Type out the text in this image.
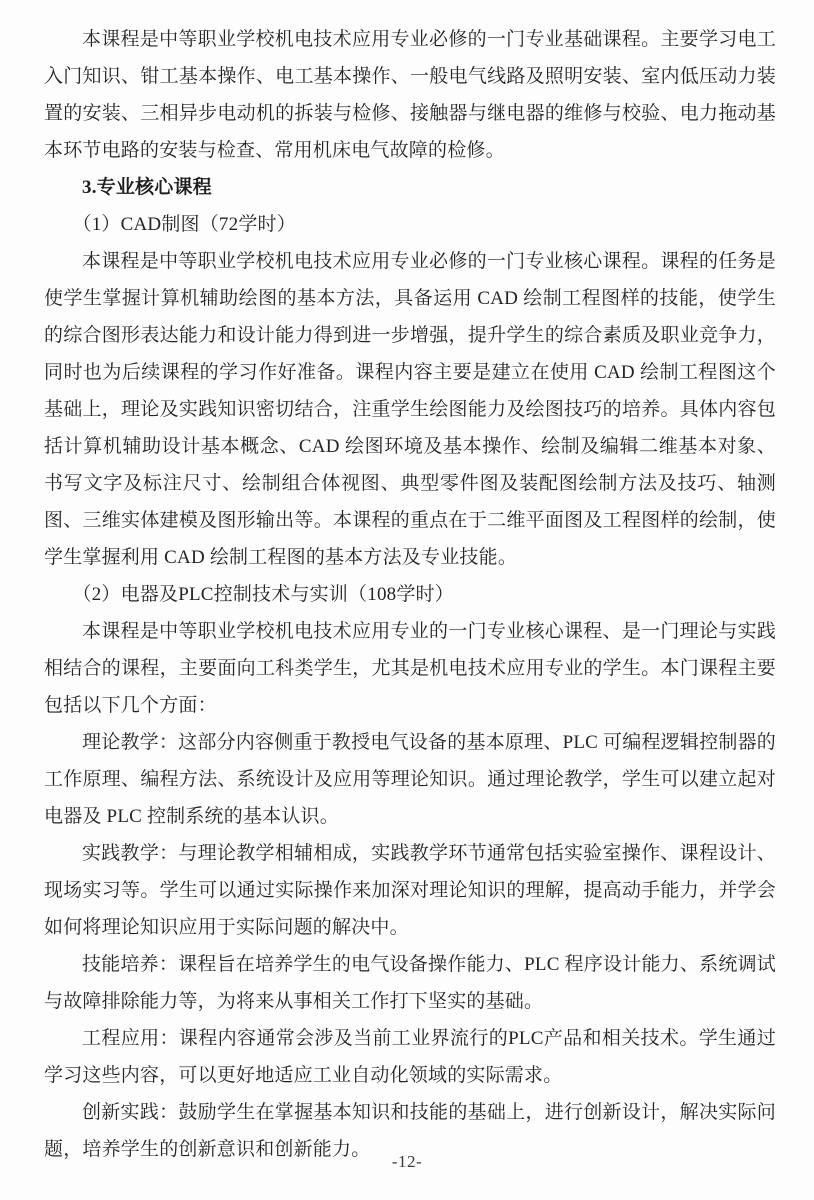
本课程是中等职业学校机电技术应用专业必修的一门专业基础课程。主要学习电工入门知识、钳工基本操作、电工基本操作、一般电气线路及照明安装、室内低压动力装置的安装、三相异步电动机的拆装与检修、接触器与继电器的维修与校验、电力拖动基本环节电路的安装与检查、常用机床电气故障的检修。

3.专业核心课程

（1）CAD制图（72学时）

本课程是中等职业学校机电技术应用专业必修的一门专业核心课程。课程的任务是使学生掌握计算机辅助绘图的基本方法，具备运用 CAD 绘制工程图样的技能，使学生的综合图形表达能力和设计能力得到进一步增强，提升学生的综合素质及职业竞争力，同时也为后续课程的学习作好准备。课程内容主要是建立在使用 CAD 绘制工程图这个基础上，理论及实践知识密切结合，注重学生绘图能力及绘图技巧的培养。具体内容包括计算机辅助设计基本概念、CAD 绘图环境及基本操作、绘制及编辑二维基本对象、书写文字及标注尺寸、绘制组合体视图、典型零件图及装配图绘制方法及技巧、轴测图、三维实体建模及图形输出等。本课程的重点在于二维平面图及工程图样的绘制，使学生掌握利用 CAD 绘制工程图的基本方法及专业技能。

（2）电器及PLC控制技术与实训（108学时）

本课程是中等职业学校机电技术应用专业的一门专业核心课程、是一门理论与实践相结合的课程，主要面向工科类学生，尤其是机电技术应用专业的学生。本门课程主要包括以下几个方面：

理论教学：这部分内容侧重于教授电气设备的基本原理、PLC 可编程逻辑控制器的工作原理、编程方法、系统设计及应用等理论知识。通过理论教学，学生可以建立起对电器及 PLC 控制系统的基本认识。

实践教学：与理论教学相辅相成，实践教学环节通常包括实验室操作、课程设计、现场实习等。学生可以通过实际操作来加深对理论知识的理解，提高动手能力，并学会如何将理论知识应用于实际问题的解决中。

技能培养：课程旨在培养学生的电气设备操作能力、PLC 程序设计能力、系统调试与故障排除能力等，为将来从事相关工作打下坚实的基础。

工程应用：课程内容通常会涉及当前工业界流行的PLC产品和相关技术。学生通过学习这些内容，可以更好地适应工业自动化领域的实际需求。

创新实践：鼓励学生在掌握基本知识和技能的基础上，进行创新设计，解决实际问题，培养学生的创新意识和创新能力。

-12-
